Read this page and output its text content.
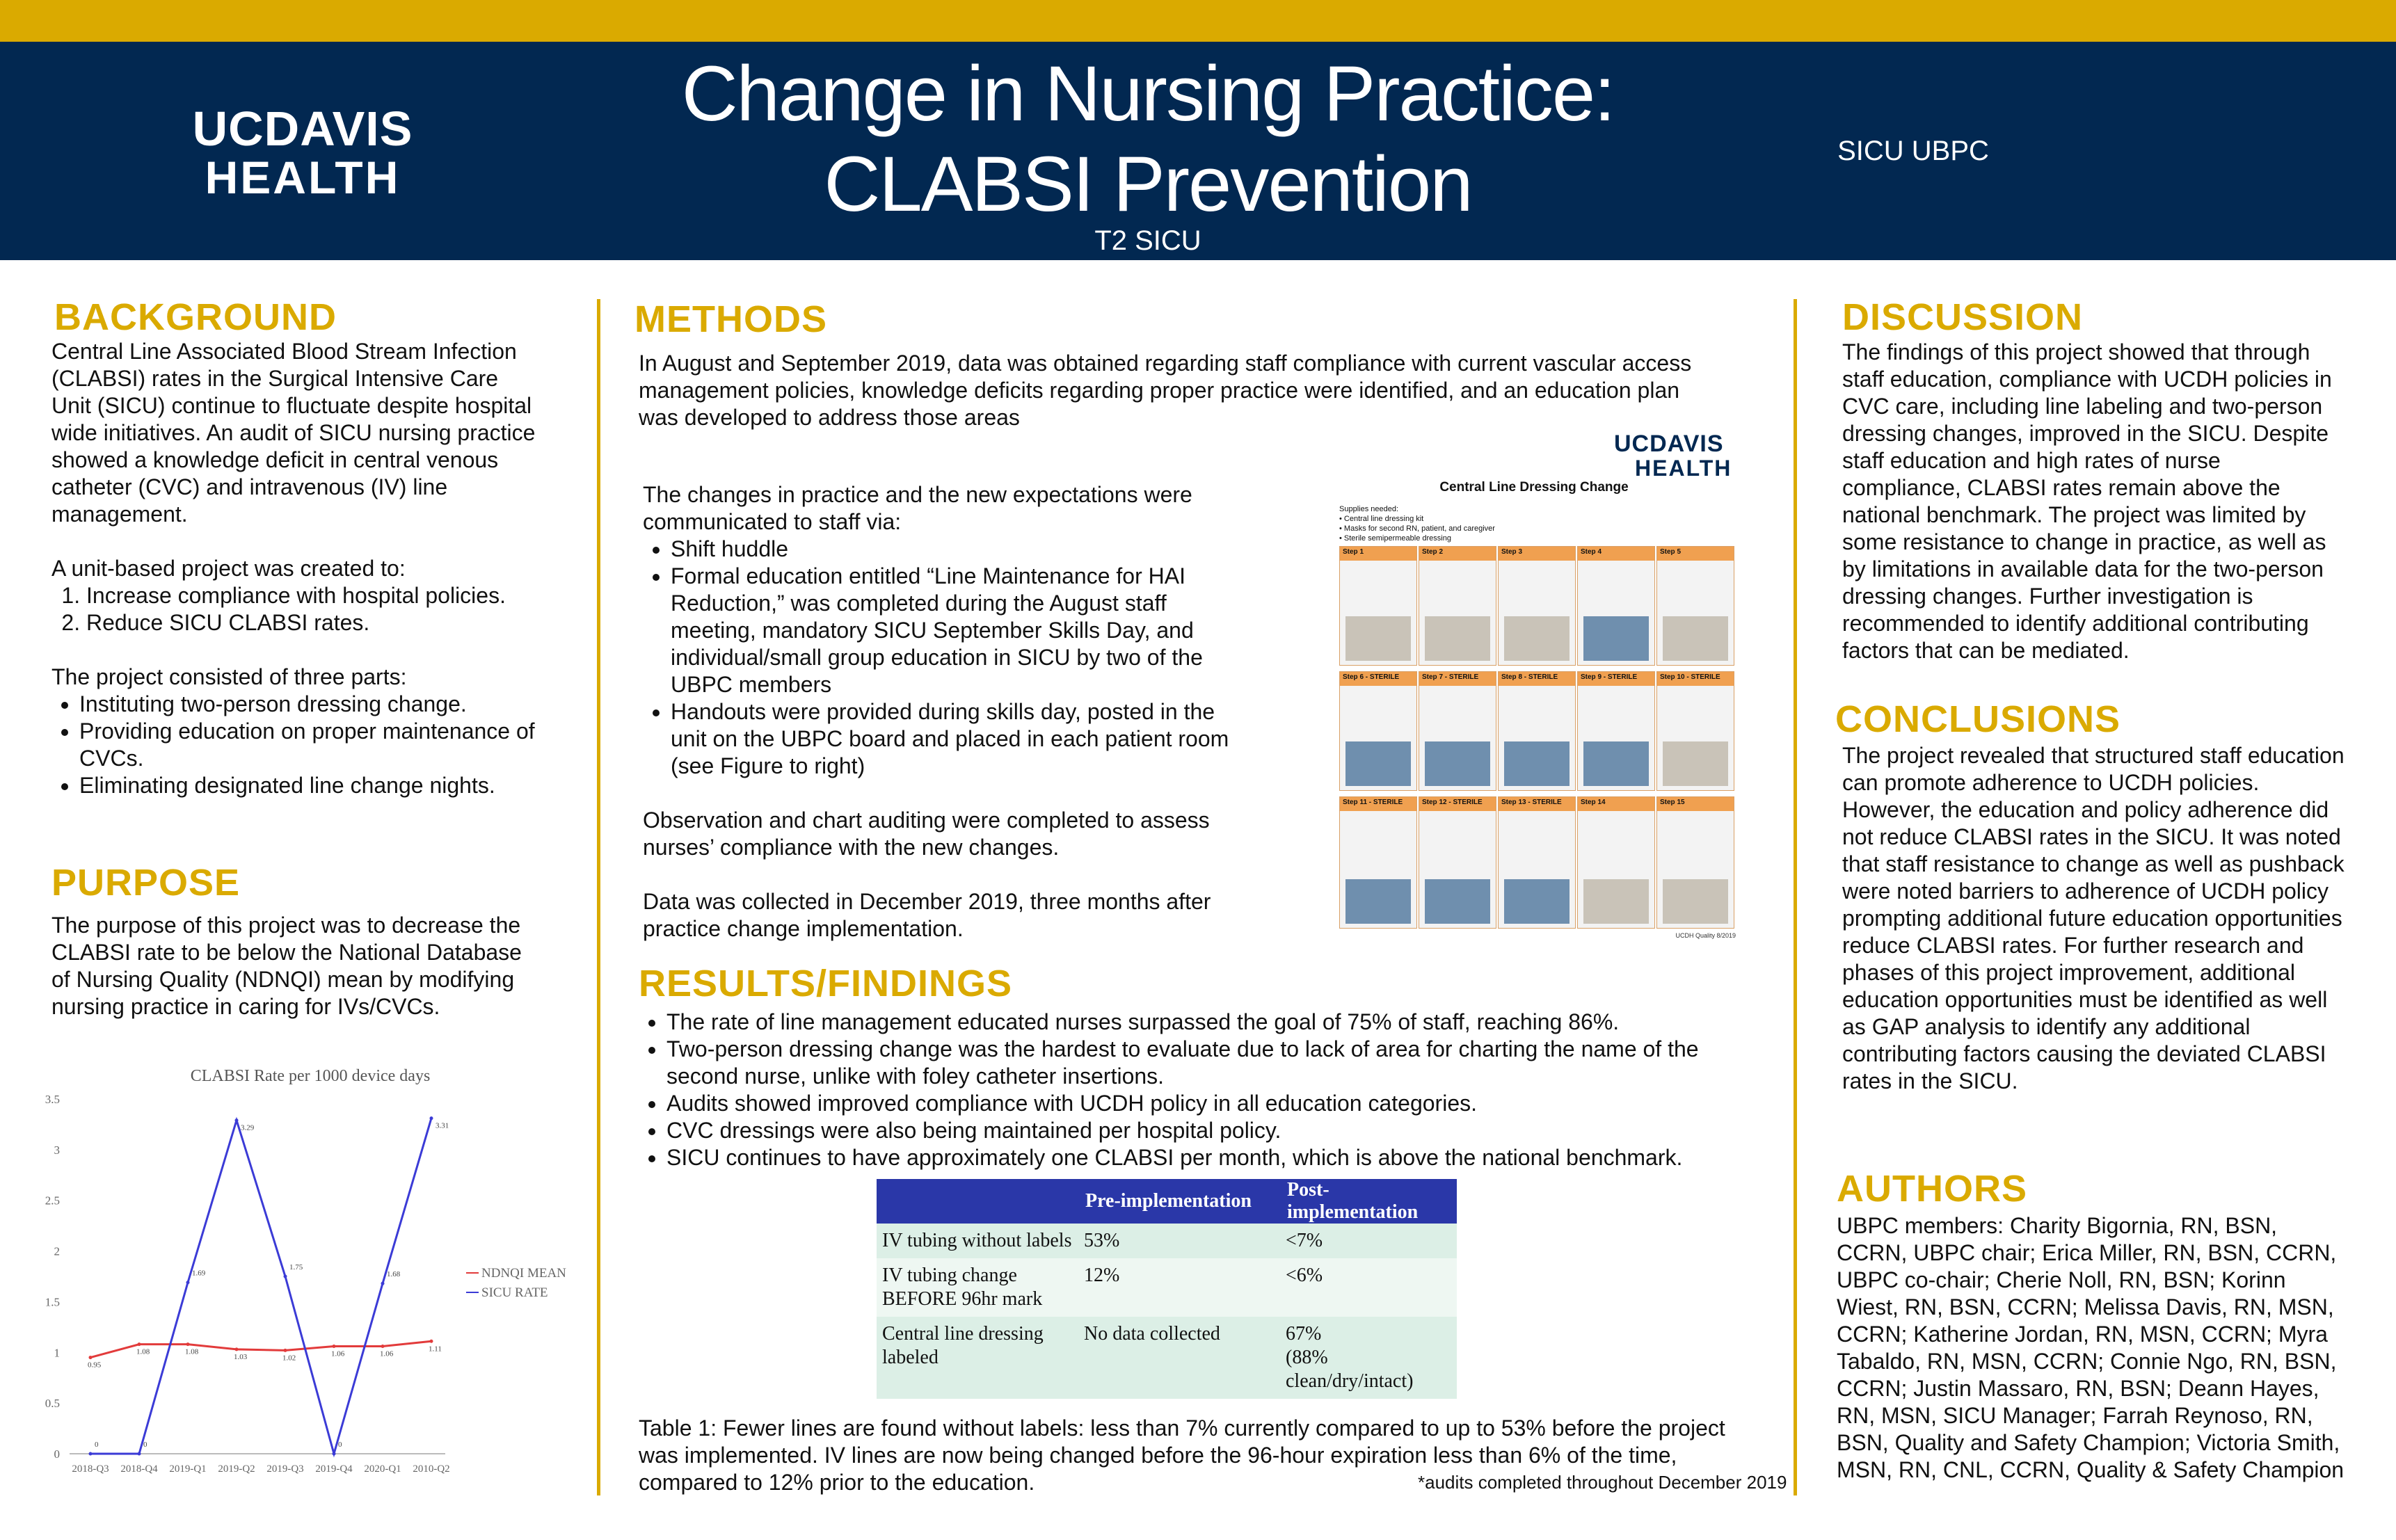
UCDAVIS
HEALTH
Change in Nursing Practice:
CLABSI Prevention
T2 SICU
SICU UBPC
BACKGROUND

Central Line Associated Blood Stream Infection (CLABSI) rates in the Surgical Intensive Care Unit (SICU) continue to fluctuate despite hospital wide initiatives. An audit of SICU nursing practice showed a knowledge deficit in central venous catheter (CVC) and intravenous (IV) line management.

A unit-based project was created to:

1. Increase compliance with hospital policies.
2. Reduce SICU CLABSI rates.

The project consisted of three parts:

• Instituting two-person dressing change.
• Providing education on proper maintenance of CVCs.
• Eliminating designated line change nights.
PURPOSE
The purpose of this project was to decrease the CLABSI rate to be below the National Database of Nursing Quality (NDNQI) mean by modifying nursing practice in caring for IVs/CVCs.
CLABSI Rate per 1000 device days
0
0.5
1
1.5
2
2.5
3
3.5
2018-Q3 2018-Q4 2019-Q1 2019-Q2 2019-Q3 2019-Q4 2020-Q1 2010-Q2
0.95
1.08	1.08
1.03	1.02	1.06	1.06
1.11
0	0
1.69
3.29
1.75
0
1.68
3.31
NDNQI MEAN
SICU RATE
METHODS
In August and September 2019, data was obtained regarding staff compliance with current vascular access management policies, knowledge deficits regarding proper practice were identified, and an education plan was developed to address those areas

The changes in practice and the new expectations were communicated to staff via:

• Shift huddle
• Formal education entitled “Line Maintenance for HAI Reduction,” was completed during the August staff meeting, mandatory SICU September Skills Day, and individual/small group education in SICU by two of the UBPC members
• Handouts were provided during skills day, posted in the unit on the UBPC board and placed in each patient room (see Figure to right)

Observation and chart auditing were completed to assess nurses’ compliance with the new changes.

Data was collected in December 2019, three months after practice change implementation.

UCDAVIS
HEALTH
Central Line Dressing Change
Supplies needed:
• Central line dressing kit
• Masks for second RN, patient, and caregiver
• Sterile semipermeable dressing
Step 1	Step 2	Step 3	Step 4	Step 5
Step 6 - STERILE	Step 7 - STERILE	Step 8 - STERILE	Step 9 - STERILE	Step 10 - STERILE
Step 11 - STERILE	Step 12 - STERILE	Step 13 - STERILE	Step 14	Step 15
UCDH Quality 8/2019
RESULTS/FINDINGS
• The rate of line management educated nurses surpassed the goal of 75% of staff, reaching 86%.
• Two-person dressing change was the hardest to evaluate due to lack of area for charting the name of the second nurse, unlike with foley catheter insertions.
• Audits showed improved compliance with UCDH policy in all education categories.
• CVC dressings were also being maintained per hospital policy.
• SICU continues to have approximately one CLABSI per month, which is above the national benchmark.
	Pre-implementation	Post-implementation
IV tubing without labels	53%	<7%
IV tubing change BEFORE 96hr mark	12%	<6%
Central line dressing labeled	No data collected	67%
(88% clean/dry/intact)
Table 1: Fewer lines are found without labels: less than 7% currently compared to up to 53% before the project was implemented. IV lines are now being changed before the 96-hour expiration less than 6% of the time, compared to 12% prior to the education.	*audits completed throughout December 2019
DISCUSSION
The findings of this project showed that through staff education, compliance with UCDH policies in CVC care, including line labeling and two-person dressing changes, improved in the SICU. Despite staff education and high rates of nurse compliance, CLABSI rates remain above the national benchmark. The project was limited by some resistance to change in practice, as well as by limitations in available data for the two-person dressing changes. Further investigation is recommended to identify additional contributing factors that can be mediated.
CONCLUSIONS
The project revealed that structured staff education can promote adherence to UCDH policies. However, the education and policy adherence did not reduce CLABSI rates in the SICU. It was noted that staff resistance to change as well as pushback were noted barriers to adherence of UCDH policy prompting additional future education opportunities reduce CLABSI rates. For further research and phases of this project improvement, additional education opportunities must be identified as well as GAP analysis to identify any additional contributing factors causing the deviated CLABSI rates in the SICU.
AUTHORS
UBPC members: Charity Bigornia, RN, BSN, CCRN, UBPC chair; Erica Miller, RN, BSN, CCRN, UBPC co-chair; Cherie Noll, RN, BSN; Korinn Wiest, RN, BSN, CCRN; Melissa Davis, RN, MSN, CCRN; Katherine Jordan, RN, MSN, CCRN; Myra Tabaldo, RN, MSN, CCRN; Connie Ngo, RN, BSN, CCRN; Justin Massaro, RN, BSN; Deann Hayes, RN, MSN, SICU Manager; Farrah Reynoso, RN, BSN, Quality and Safety Champion; Victoria Smith, MSN, RN, CNL, CCRN, Quality & Safety Champion
